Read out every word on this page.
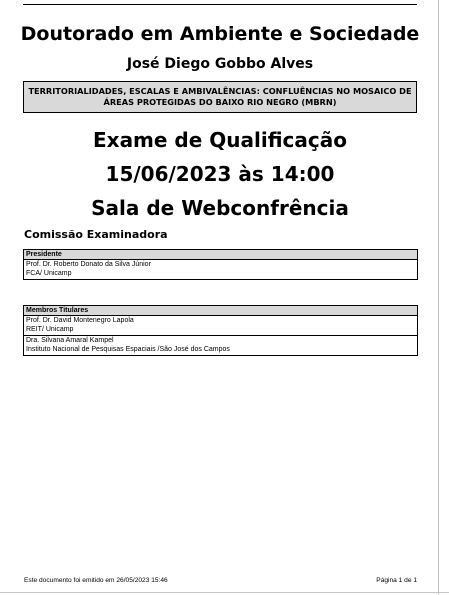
Doutorado em Ambiente e Sociedade
José Diego Gobbo Alves
TERRITORIALIDADES, ESCALAS E AMBIVALÊNCIAS: CONFLUÊNCIAS NO MOSAICO DE ÁREAS PROTEGIDAS DO BAIXO RIO NEGRO (MBRN)
Exame de Qualificação
15/06/2023 às 14:00
Sala de Webconfrência
Comissão Examinadora
Presidente
Prof. Dr. Roberto Donato da Silva Júnior
FCA/ Unicamp
Membros Titulares
Prof. Dr. David Montenegro Lapola
REIT/ Unicamp
Dra. Silvana Amaral Kampel
Instituto Nacional de Pesquisas Espaciais /São José dos Campos
Este documento foi emitido em 26/05/2023 15:46	Página 1 de 1
